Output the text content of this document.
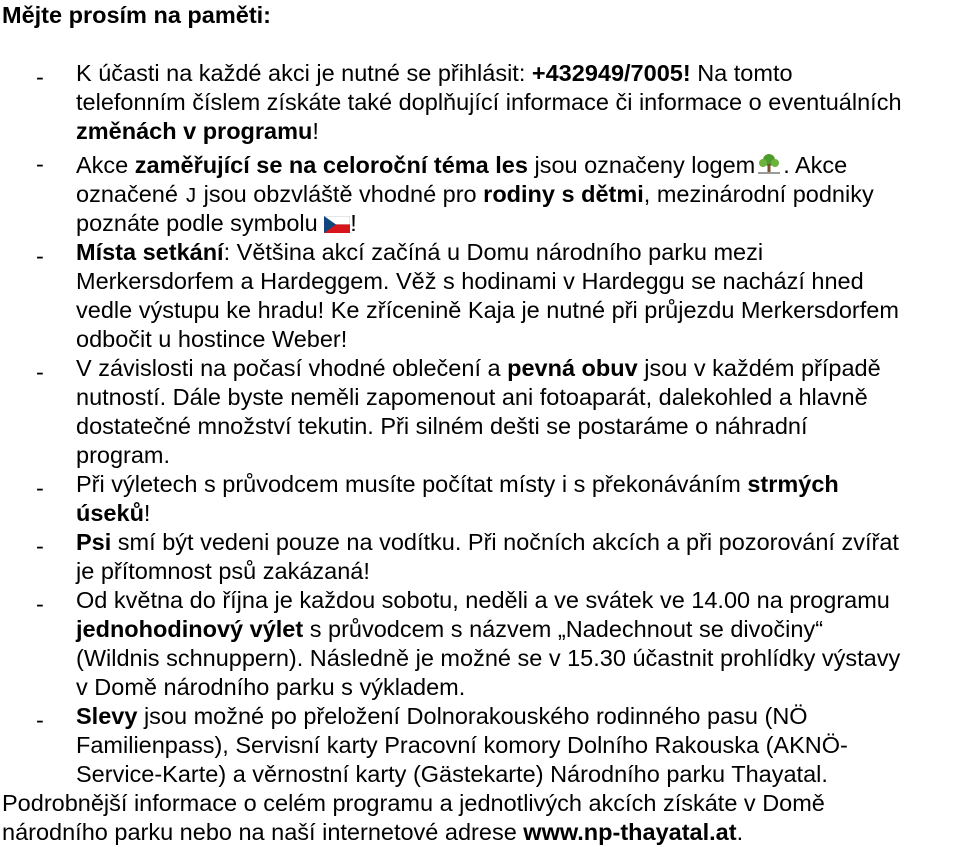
Mějte prosím na paměti:
- K účasti na každé akci je nutné se přihlásit: +432949/7005! Na tomto
telefonním číslem získáte také doplňující informace či informace o eventuálních
změnách v programu!
- Akce zaměřující se na celoroční téma les jsou označeny logem . Akce
označené J jsou obzvláště vhodné pro rodiny s dětmi, mezinárodní podniky
poznáte podle symbolu !
- Místa setkání: Většina akcí začíná u Domu národního parku mezi
Merkersdorfem a Hardeggem. Věž s hodinami v Hardeggu se nachází hned
vedle výstupu ke hradu! Ke zřícenině Kaja je nutné při průjezdu Merkersdorfem
odbočit u hostince Weber!
- V závislosti na počasí vhodné oblečení a pevná obuv jsou v každém případě
nutností. Dále byste neměli zapomenout ani fotoaparát, dalekohled a hlavně
dostatečné množství tekutin. Při silném dešti se postaráme o náhradní
program.
- Při výletech s průvodcem musíte počítat místy i s překonáváním strmých
úseků!
- Psi smí být vedeni pouze na vodítku. Při nočních akcích a při pozorování zvířat
je přítomnost psů zakázaná!
- Od května do října je každou sobotu, neděli a ve svátek ve 14.00 na programu
jednohodinový výlet s průvodcem s názvem „Nadechnout se divočiny“
(Wildnis schnuppern). Následně je možné se v 15.30 účastnit prohlídky výstavy
v Domě národního parku s výkladem.
- Slevy jsou možné po přeložení Dolnorakouského rodinného pasu (NÖ
Familienpass), Servisní karty Pracovní komory Dolního Rakouska (AKNÖ-
Service-Karte) a věrnostní karty (Gästekarte) Národního parku Thayatal.
Podrobnější informace o celém programu a jednotlivých akcích získáte v Domě
národního parku nebo na naší internetové adrese www.np-thayatal.at.
